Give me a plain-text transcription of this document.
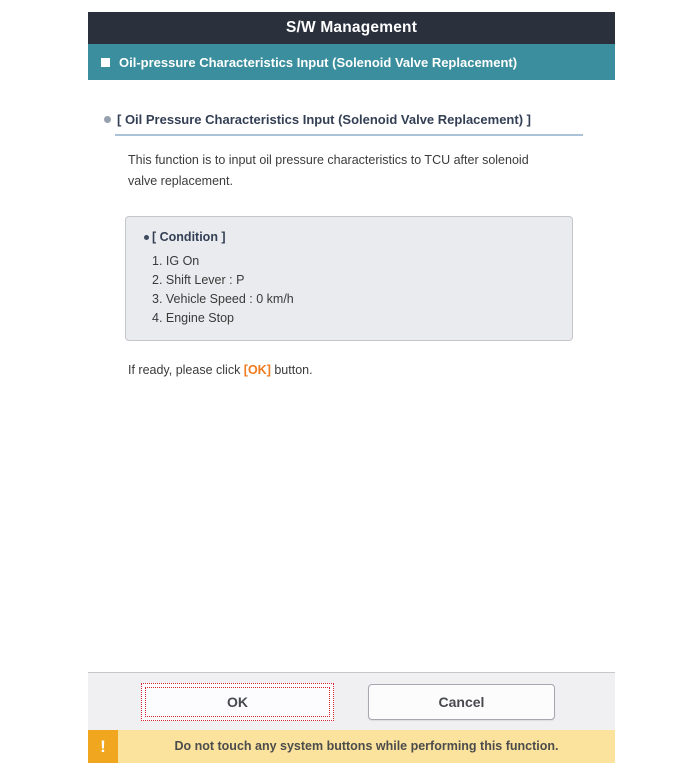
S/W Management
Oil-pressure Characteristics Input (Solenoid Valve Replacement)
[ Oil Pressure Characteristics Input (Solenoid Valve Replacement) ]
This function is to input oil pressure characteristics to TCU after solenoid
valve replacement.
[ Condition ]
1. IG On
2. Shift Lever : P
3. Vehicle Speed : 0 km/h
4. Engine Stop
If ready, please click [OK] button.
OK	Cancel
!	Do not touch any system buttons while performing this function.
